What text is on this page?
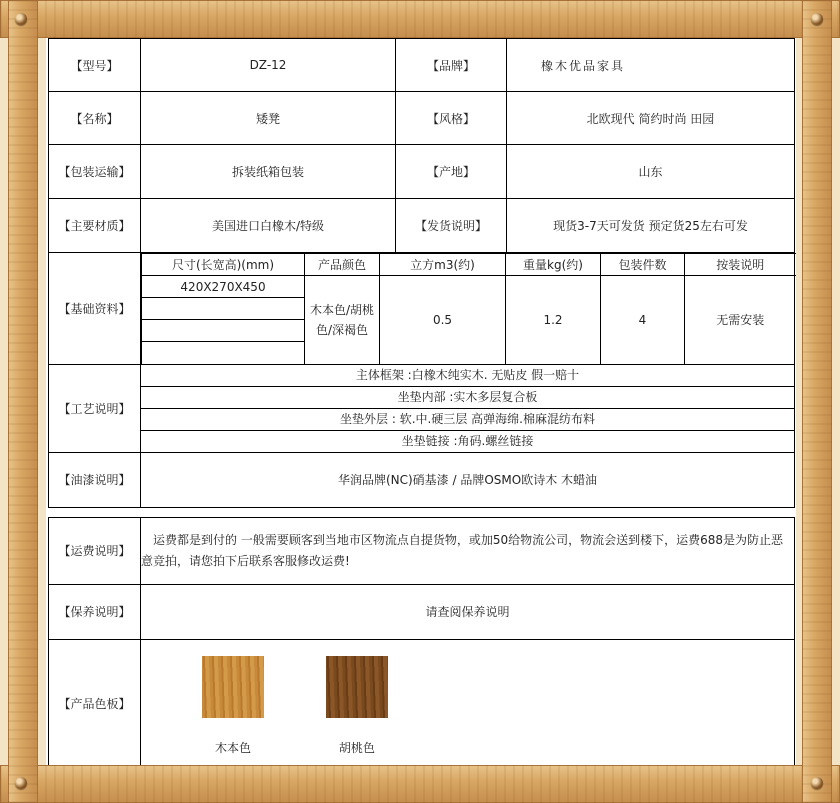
【型号】	DZ-12	【品牌】	橡木优品家具
【名称】	矮凳	【风格】	北欧现代 简约时尚 田园
【包装运输】	拆装纸箱包装	【产地】	山东
【主要材质】	美国进口白橡木/特级	【发货说明】	现货3-7天可发货 预定货25左右可发
【基础资料】	
尺寸(长宽高)(mm)	产品颜色	立方m3(约)	重量kg(约)	包装件数	按装说明
420X270X450	木本色/胡桃色/深褐色	0.5	1.2	4	无需安装

【工艺说明】	
主体框架 :白橡木纯实木. 无贴皮 假一赔十
坐垫内部 :实木多层复合板
坐垫外层 : 软.中.硬三层 高弹海绵.棉麻混纺布料
坐垫链接 :角码.螺丝链接

【油漆说明】	华润品牌(NC)硝基漆 / 品牌OSMO欧诗木 木蜡油

【运费说明】	运费都是到付的 一般需要顾客到当地市区物流点自提货物，或加50给物流公司，物流会送到楼下，运费688是为防止恶意竞拍，请您拍下后联系客服修改运费!
【保养说明】	请查阅保养说明
【产品色板】	
木本色
	胡桃色
